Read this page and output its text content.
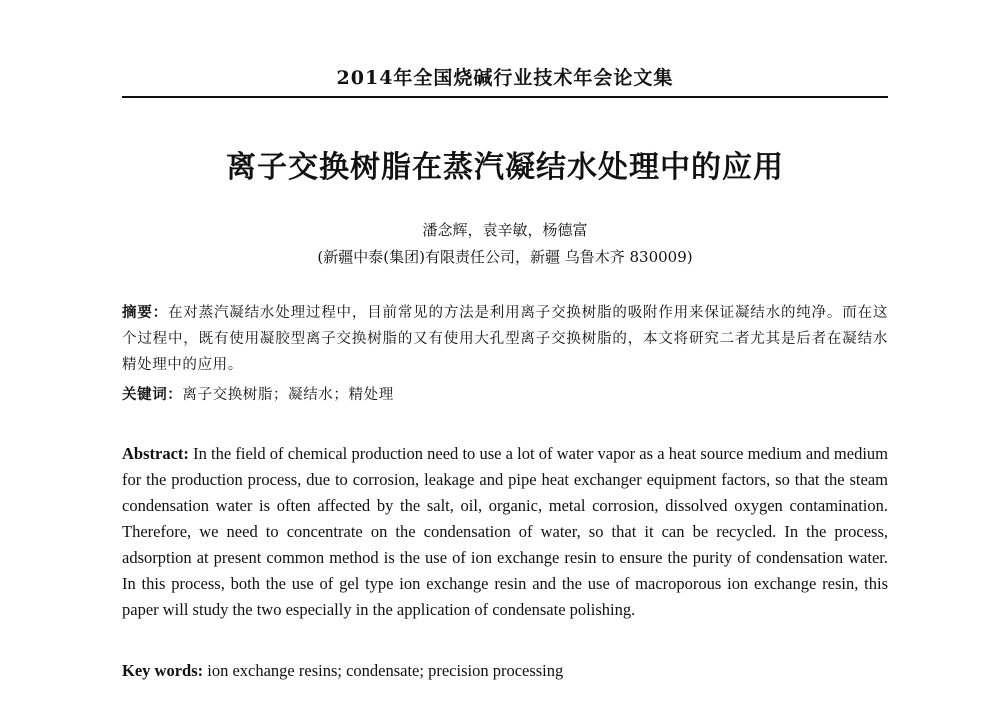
2014年全国烧碱行业技术年会论文集
离子交换树脂在蒸汽凝结水处理中的应用
潘念辉，袁辛敏，杨德富
(新疆中泰(集团)有限责任公司，新疆 乌鲁木齐 830009)
摘要：在对蒸汽凝结水处理过程中，目前常见的方法是利用离子交换树脂的吸附作用来保证凝结水的纯净。而在这个过程中，既有使用凝胶型离子交换树脂的又有使用大孔型离子交换树脂的，本文将研究二者尤其是后者在凝结水精处理中的应用。
关键词：离子交换树脂；凝结水；精处理
Abstract: In the field of chemical production need to use a lot of water vapor as a heat source medium and medium for the production process, due to corrosion, leakage and pipe heat exchanger equipment factors, so that the steam condensation water is often affected by the salt, oil, organic, metal corrosion, dissolved oxygen contamination. Therefore, we need to concentrate on the condensation of water, so that it can be recycled. In the process, adsorption at present common method is the use of ion exchange resin to ensure the purity of condensation water. In this process, both the use of gel type ion exchange resin and the use of macroporous ion exchange resin, this paper will study the two especially in the application of condensate polishing.
Key words: ion exchange resins; condensate; precision processing
